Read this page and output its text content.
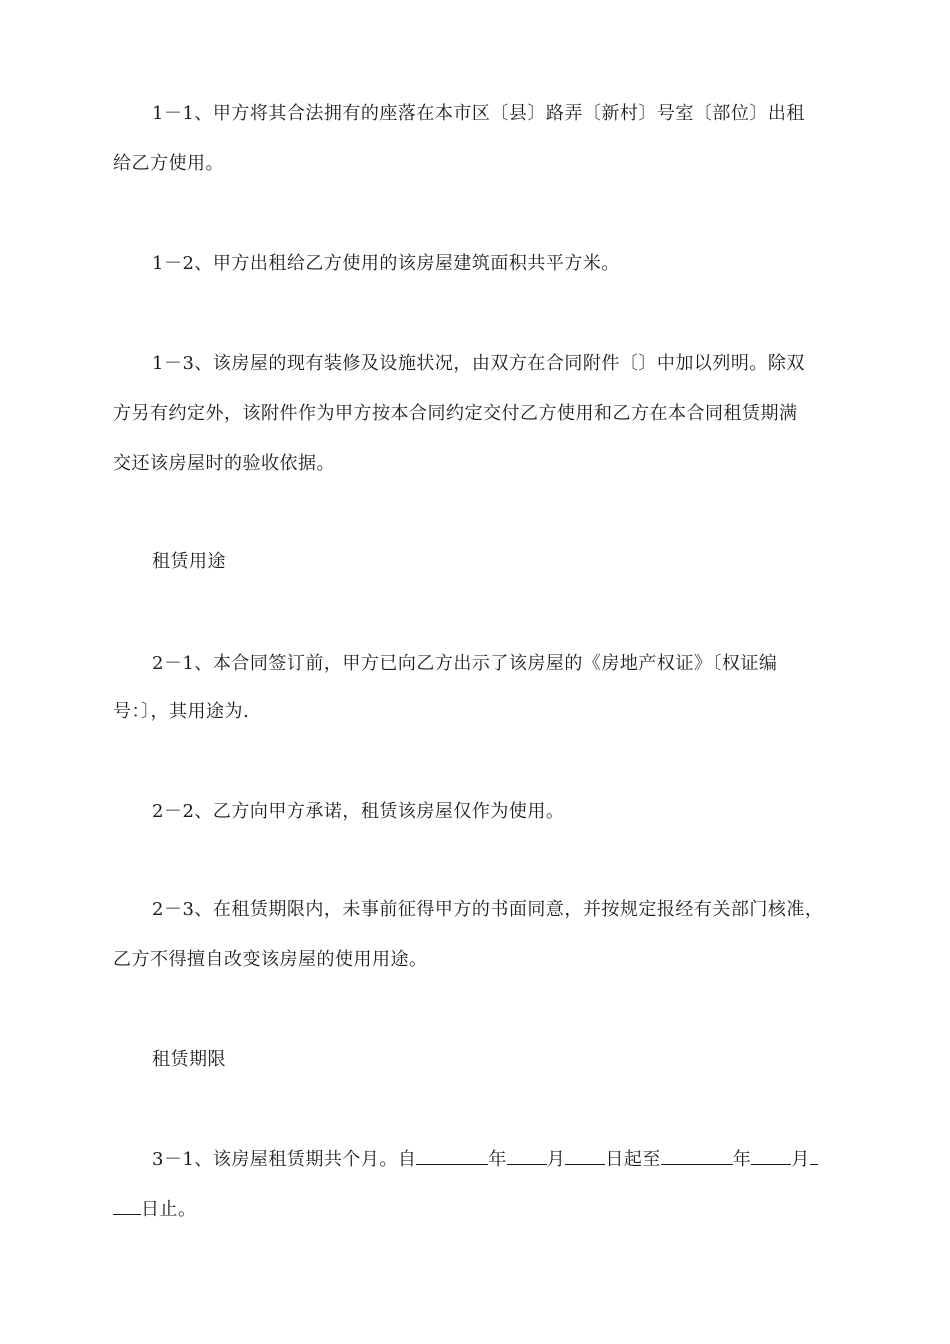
1－1、甲方将其合法拥有的座落在本市区〔县〕路弄〔新村〕号室〔部位〕出租
给乙方使用。
1－2、甲方出租给乙方使用的该房屋建筑面积共平方米。
1－3、该房屋的现有装修及设施状况，由双方在合同附件〔〕中加以列明。除双
方另有约定外，该附件作为甲方按本合同约定交付乙方使用和乙方在本合同租赁期满
交还该房屋时的验收依据。
租赁用途
2－1、本合同签订前，甲方已向乙方出示了该房屋的《房地产权证》〔权证编
号：〕，其用途为.
2－2、乙方向甲方承诺，租赁该房屋仅作为使用。
2－3、在租赁期限内，未事前征得甲方的书面同意，并按规定报经有关部门核准，
乙方不得擅自改变该房屋的使用用途。
租赁期限
3－1、该房屋租赁期共个月。自	年 月 日起至	年 月
日止。
